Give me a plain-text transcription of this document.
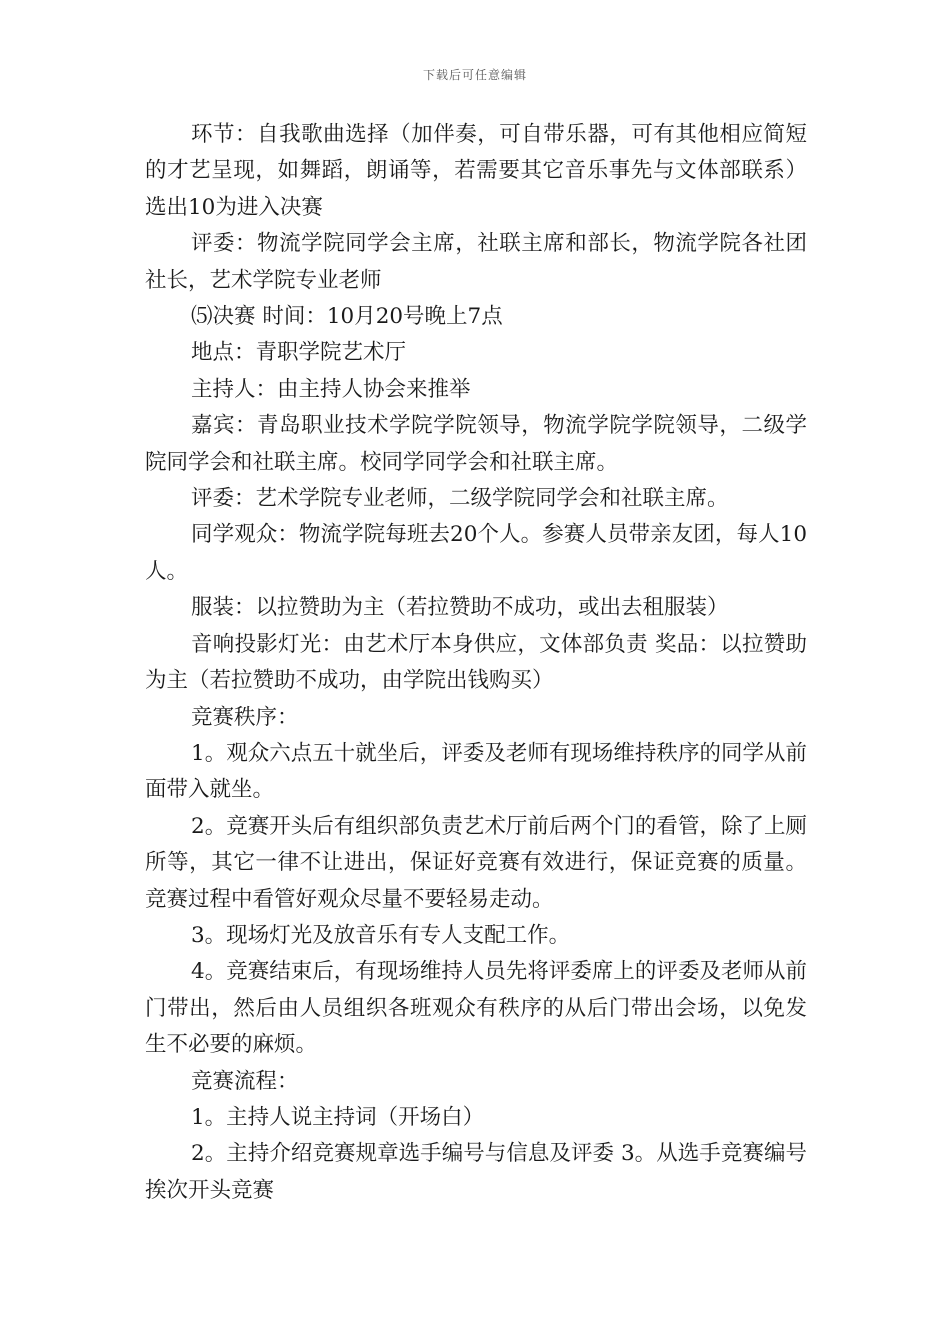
下载后可任意编辑

环节：自我歌曲选择（加伴奏，可自带乐器，可有其他相应简短的才艺呈现，如舞蹈，朗诵等，若需要其它音乐事先与文体部联系）选出10为进入决赛

评委：物流学院同学会主席，社联主席和部长，物流学院各社团社长，艺术学院专业老师

⑸决赛 时间：10月20号晚上7点

地点：青职学院艺术厅

主持人：由主持人协会来推举

嘉宾：青岛职业技术学院学院领导，物流学院学院领导，二级学院同学会和社联主席。校同学同学会和社联主席。

评委：艺术学院专业老师，二级学院同学会和社联主席。

同学观众：物流学院每班去20个人。参赛人员带亲友团，每人10人。

服装：以拉赞助为主（若拉赞助不成功，或出去租服装）

音响投影灯光：由艺术厅本身供应，文体部负责 奖品：以拉赞助为主（若拉赞助不成功，由学院出钱购买）

竞赛秩序：

1。观众六点五十就坐后，评委及老师有现场维持秩序的同学从前面带入就坐。

2。竞赛开头后有组织部负责艺术厅前后两个门的看管，除了上厕所等，其它一律不让进出，保证好竞赛有效进行，保证竞赛的质量。竞赛过程中看管好观众尽量不要轻易走动。

3。现场灯光及放音乐有专人支配工作。

4。竞赛结束后，有现场维持人员先将评委席上的评委及老师从前门带出，然后由人员组织各班观众有秩序的从后门带出会场，以免发生不必要的麻烦。

竞赛流程：

1。主持人说主持词（开场白）

2。主持介绍竞赛规章选手编号与信息及评委 3。从选手竞赛编号挨次开头竞赛
